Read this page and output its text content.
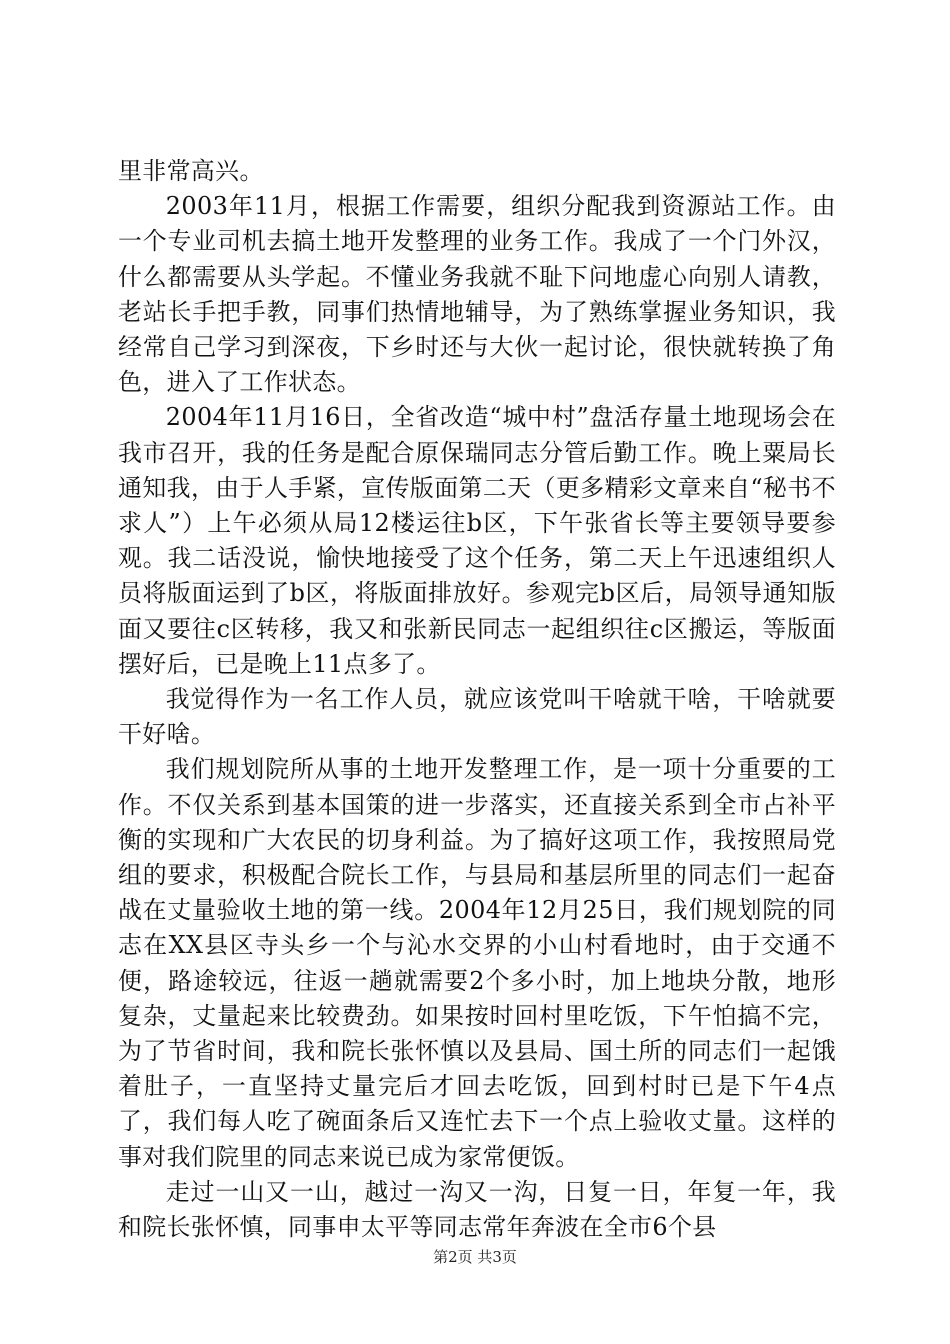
里非常高兴。

2003年11月，根据工作需要，组织分配我到资源站工作。由一个专业司机去搞土地开发整理的业务工作。我成了一个门外汉，什么都需要从头学起。不懂业务我就不耻下问地虚心向别人请教，老站长手把手教，同事们热情地辅导，为了熟练掌握业务知识，我经常自己学习到深夜，下乡时还与大伙一起讨论，很快就转换了角色，进入了工作状态。

2004年11月16日，全省改造“城中村”盘活存量土地现场会在我市召开，我的任务是配合原保瑞同志分管后勤工作。晚上粟局长通知我，由于人手紧，宣传版面第二天（更多精彩文章来自“秘书不求人”）上午必须从局12楼运往b区，下午张省长等主要领导要参观。我二话没说，愉快地接受了这个任务，第二天上午迅速组织人员将版面运到了b区，将版面排放好。参观完b区后，局领导通知版面又要往c区转移，我又和张新民同志一起组织往c区搬运，等版面摆好后，已是晚上11点多了。

我觉得作为一名工作人员，就应该党叫干啥就干啥，干啥就要干好啥。

我们规划院所从事的土地开发整理工作，是一项十分重要的工作。不仅关系到基本国策的进一步落实，还直接关系到全市占补平衡的实现和广大农民的切身利益。为了搞好这项工作，我按照局党组的要求，积极配合院长工作，与县局和基层所里的同志们一起奋战在丈量验收土地的第一线。2004年12月25日，我们规划院的同志在XX县区寺头乡一个与沁水交界的小山村看地时，由于交通不便，路途较远，往返一趟就需要2个多小时，加上地块分散，地形复杂，丈量起来比较费劲。如果按时回村里吃饭，下午怕搞不完，为了节省时间，我和院长张怀慎以及县局、国土所的同志们一起饿着肚子，一直坚持丈量完后才回去吃饭，回到村时已是下午4点了，我们每人吃了碗面条后又连忙去下一个点上验收丈量。这样的事对我们院里的同志来说已成为家常便饭。

走过一山又一山，越过一沟又一沟，日复一日，年复一年，我和院长张怀慎，同事申太平等同志常年奔波在全市6个县

第2页 共3页
